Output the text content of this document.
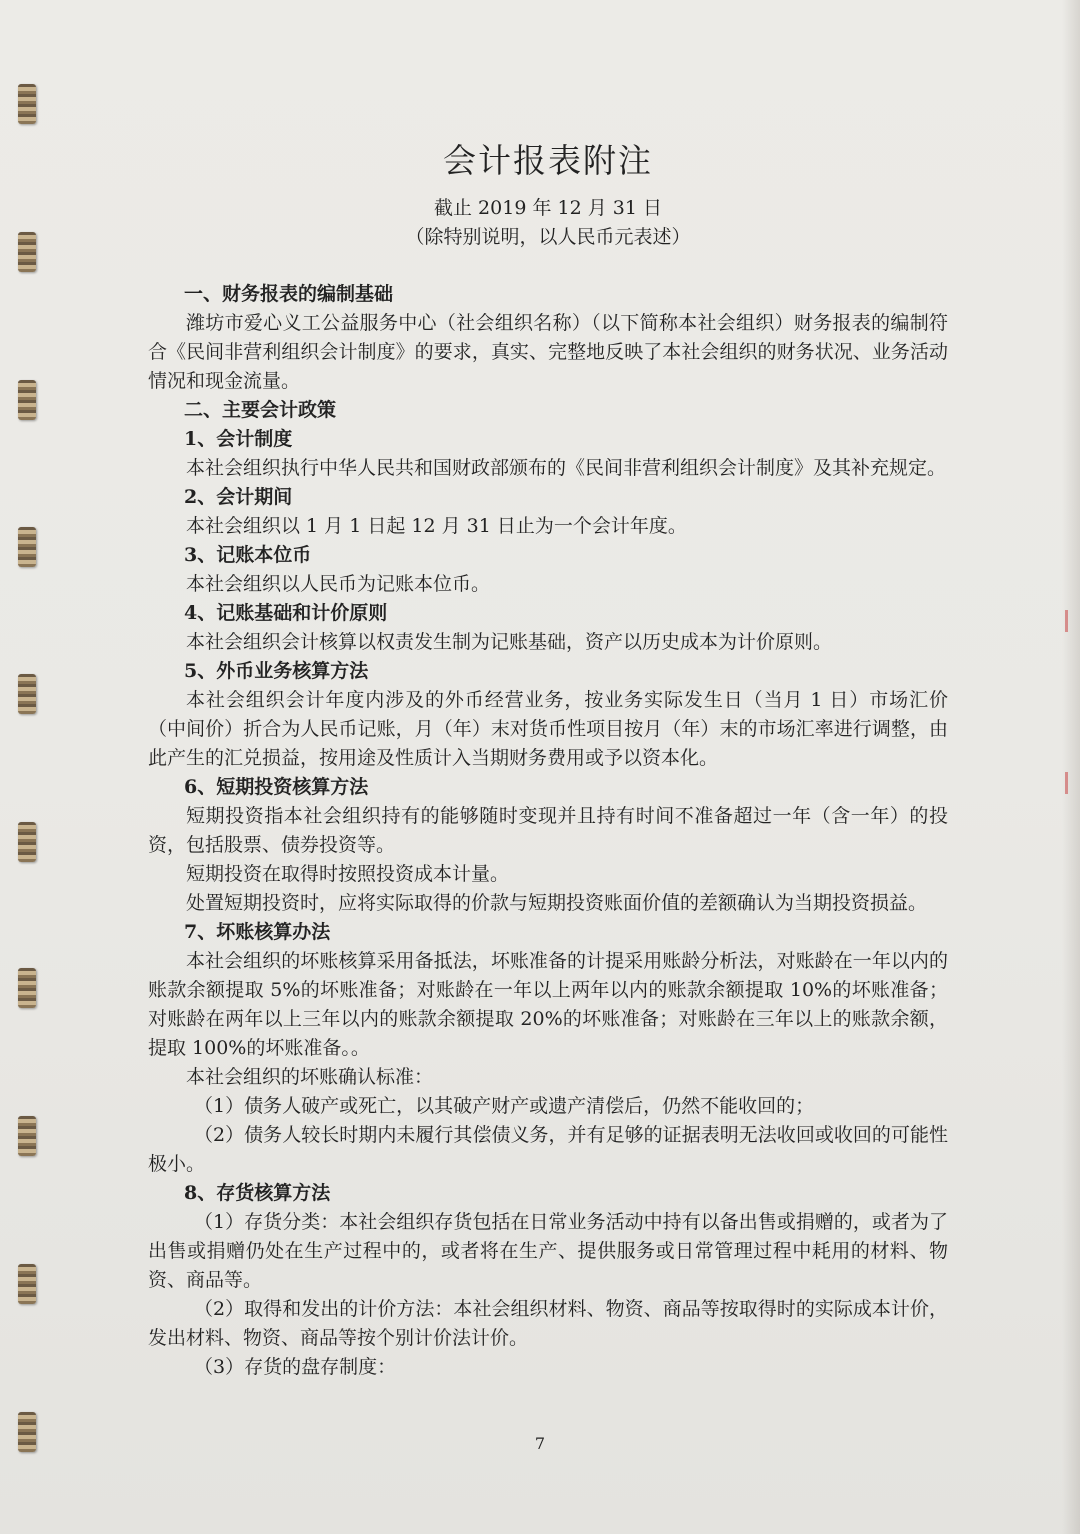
会计报表附注

截止 2019 年 12 月 31 日

（除特别说明，以人民币元表述）

一、财务报表的编制基础

潍坊市爱心义工公益服务中心（社会组织名称）（以下简称本社会组织）财务报表的编制符合《民间非营利组织会计制度》的要求，真实、完整地反映了本社会组织的财务状况、业务活动情况和现金流量。

二、主要会计政策
1、会计制度

本社会组织执行中华人民共和国财政部颁布的《民间非营利组织会计制度》及其补充规定。

2、会计期间

本社会组织以 1 月 1 日起 12 月 31 日止为一个会计年度。

3、记账本位币

本社会组织以人民币为记账本位币。

4、记账基础和计价原则

本社会组织会计核算以权责发生制为记账基础，资产以历史成本为计价原则。

5、外币业务核算方法

本社会组织会计年度内涉及的外币经营业务，按业务实际发生日（当月 1 日）市场汇价（中间价）折合为人民币记账，月（年）末对货币性项目按月（年）末的市场汇率进行调整，由此产生的汇兑损益，按用途及性质计入当期财务费用或予以资本化。

6、短期投资核算方法

短期投资指本社会组织持有的能够随时变现并且持有时间不准备超过一年（含一年）的投资，包括股票、债券投资等。

短期投资在取得时按照投资成本计量。

处置短期投资时，应将实际取得的价款与短期投资账面价值的差额确认为当期投资损益。

7、坏账核算办法

本社会组织的坏账核算采用备抵法，坏账准备的计提采用账龄分析法，对账龄在一年以内的账款余额提取 5%的坏账准备；对账龄在一年以上两年以内的账款余额提取 10%的坏账准备；对账龄在两年以上三年以内的账款余额提取 20%的坏账准备；对账龄在三年以上的账款余额，提取 100%的坏账准备。。

本社会组织的坏账确认标准：

（1）债务人破产或死亡，以其破产财产或遗产清偿后，仍然不能收回的；

（2）债务人较长时期内未履行其偿债义务，并有足够的证据表明无法收回或收回的可能性极小。

8、存货核算方法

（1）存货分类：本社会组织存货包括在日常业务活动中持有以备出售或捐赠的，或者为了出售或捐赠仍处在生产过程中的，或者将在生产、提供服务或日常管理过程中耗用的材料、物资、商品等。

（2）取得和发出的计价方法：本社会组织材料、物资、商品等按取得时的实际成本计价，发出材料、物资、商品等按个别计价法计价。

（3）存货的盘存制度：

7
